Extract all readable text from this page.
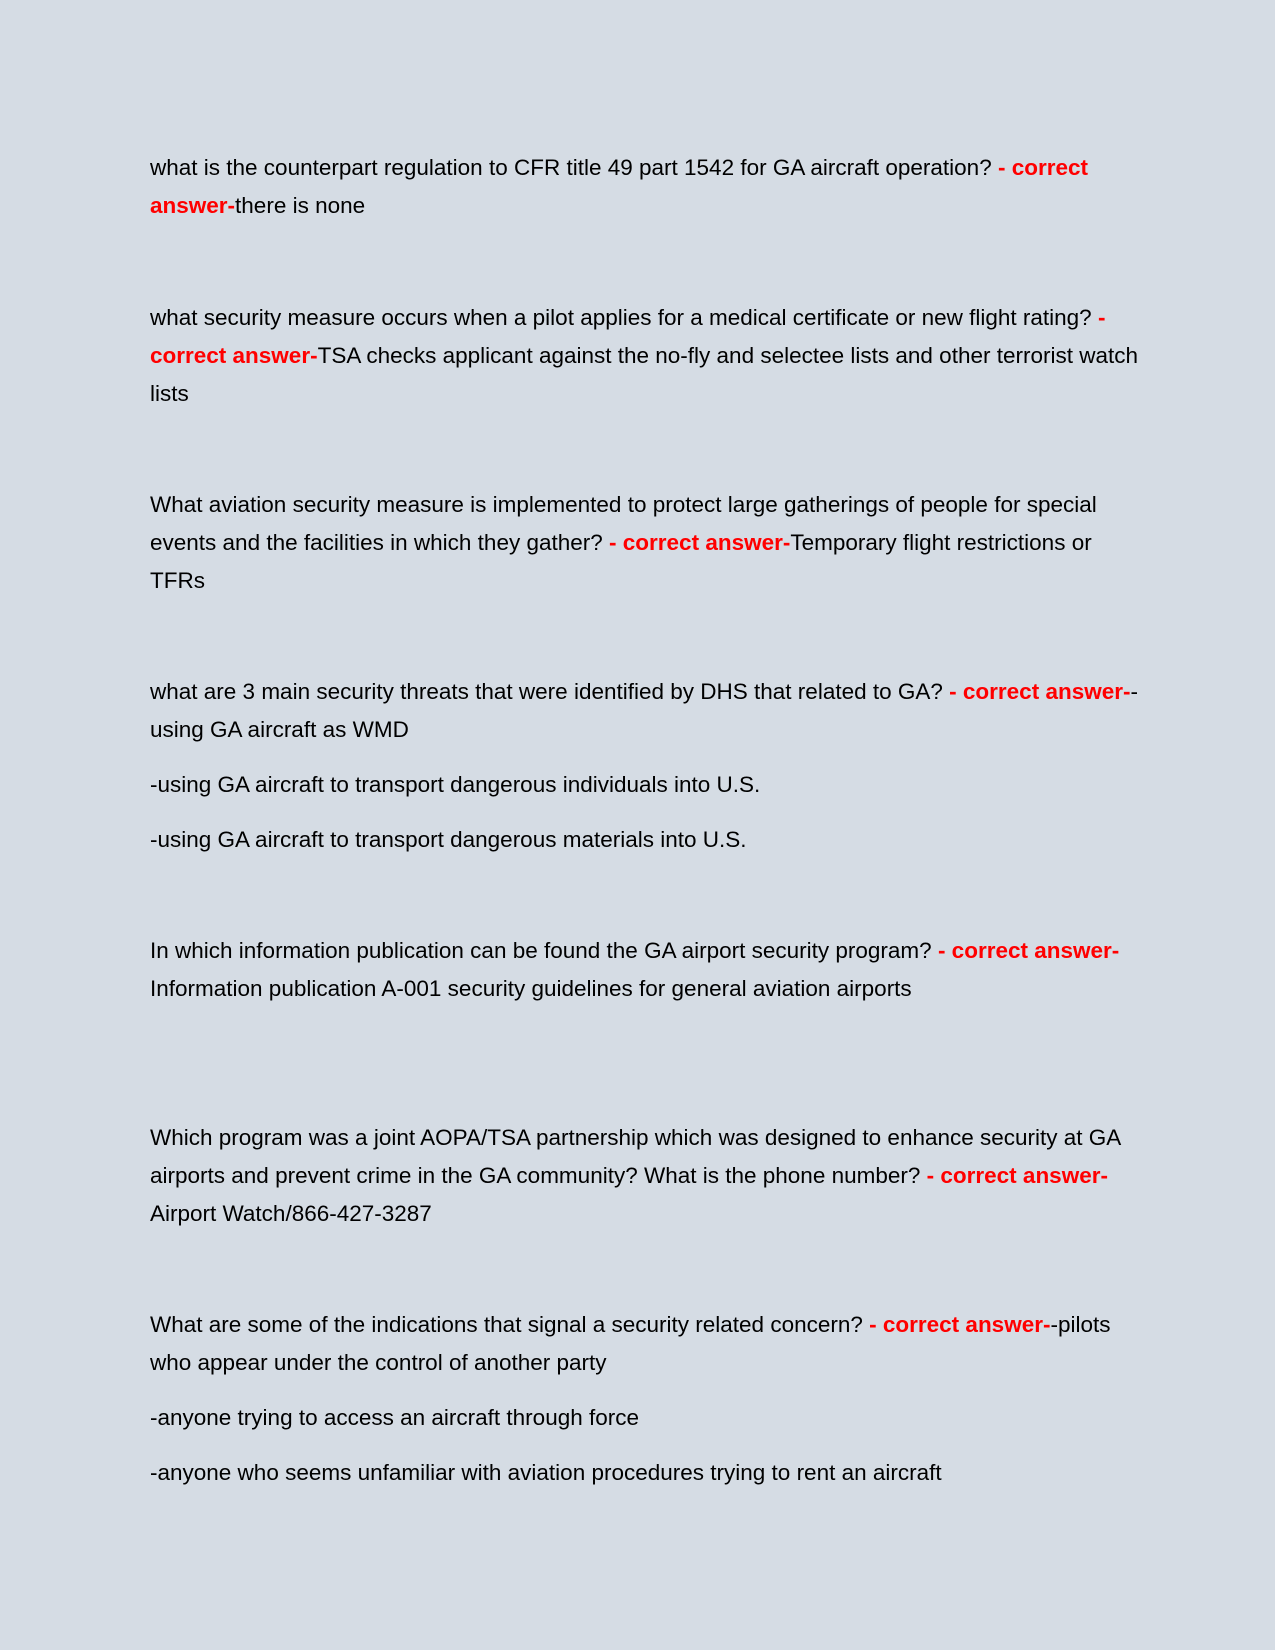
what is the counterpart regulation to CFR title 49 part 1542 for GA aircraft operation? - correct answer-there is none
what security measure occurs when a pilot applies for a medical certificate or new flight rating? - correct answer-TSA checks applicant against the no-fly and selectee lists and other terrorist watch lists
What aviation security measure is implemented to protect large gatherings of people for special events and the facilities in which they gather? - correct answer-Temporary flight restrictions or TFRs
what are 3 main security threats that were identified by DHS that related to GA? - correct answer--using GA aircraft as WMD
-using GA aircraft to transport dangerous individuals into U.S.
-using GA aircraft to transport dangerous materials into U.S.
In which information publication can be found the GA airport security program? - correct answer-Information publication A-001 security guidelines for general aviation airports
Which program was a joint AOPA/TSA partnership which was designed to enhance security at GA airports and prevent crime in the GA community? What is the phone number? - correct answer-Airport Watch/866-427-3287
What are some of the indications that signal a security related concern? - correct answer--pilots who appear under the control of another party
-anyone trying to access an aircraft through force
-anyone who seems unfamiliar with aviation procedures trying to rent an aircraft
